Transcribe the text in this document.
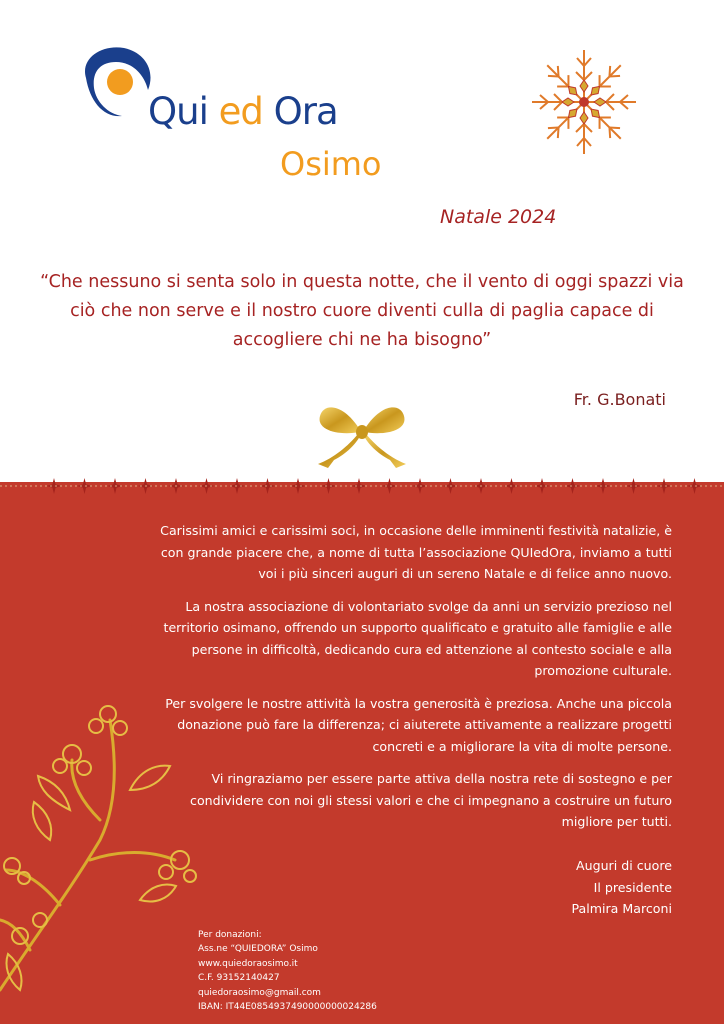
Qui ed Ora
Osimo
Natale 2024
“Che nessuno si senta solo in questa notte, che il vento di oggi spazzi via ciò che non serve e il nostro cuore diventi culla di paglia capace di accogliere chi ne ha bisogno”
Fr. G.Bonati

Carissimi amici e carissimi soci, in occasione delle imminenti festività natalizie, è con grande piacere che, a nome di tutta l’associazione QUIedOra, inviamo a tutti voi i più sinceri auguri di un sereno Natale e di felice anno nuovo.

La nostra associazione di volontariato svolge da anni un servizio prezioso nel territorio osimano, offrendo un supporto qualificato e gratuito alle famiglie e alle persone in difficoltà, dedicando cura ed attenzione al contesto sociale e alla promozione culturale.

Per svolgere le nostre attività la vostra generosità è preziosa. Anche una piccola donazione può fare la differenza; ci aiuterete attivamente a realizzare progetti concreti e a migliorare la vita di molte persone.

Vi ringraziamo per essere parte attiva della nostra rete di sostegno e per condividere con noi gli stessi valori e che ci impegnano a costruire un futuro migliore per tutti.

Auguri di cuore
Il presidente
Palmira Marconi
Per donazioni:
Ass.ne “QUIEDORA” Osimo
www.quiedoraosimo.it
C.F. 93152140427
quiedoraosimo@gmail.com
IBAN: IT44E0854937490000000024286
